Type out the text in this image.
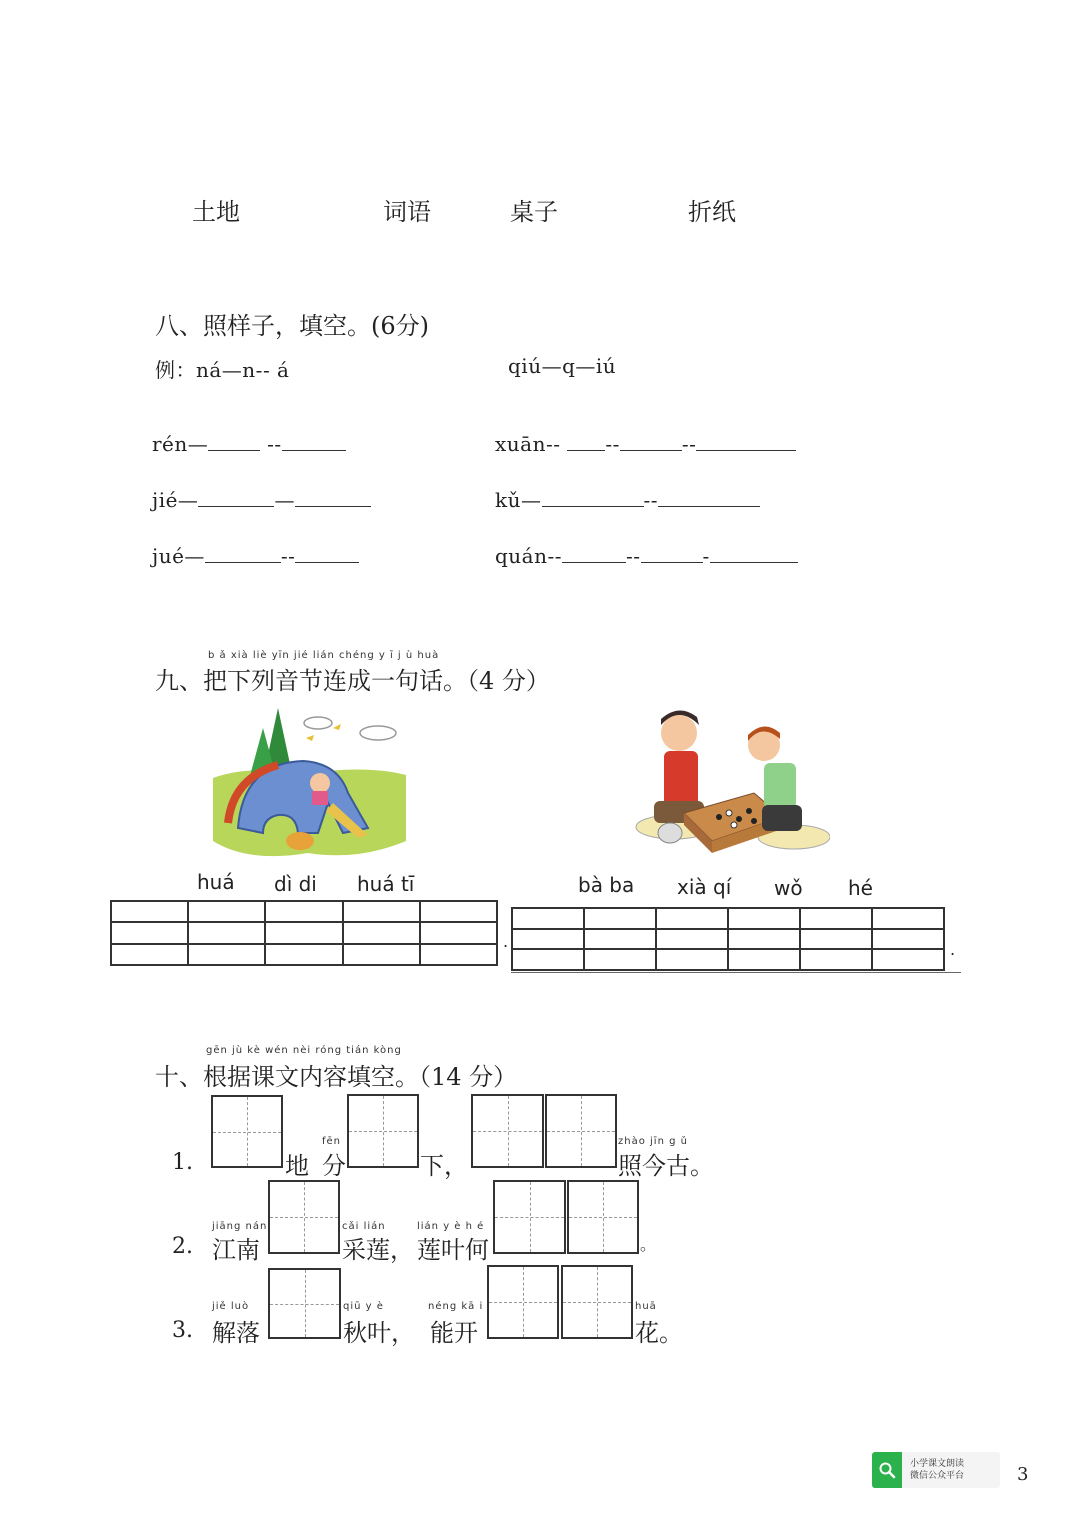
土地	词语	桌子	折纸
八、照样子，填空。(6分)
例：ná—n-- á	qiú—q—iú
rén—	--	xuān-- --	--
jié—	—	kǔ—	--
jué—	--	quán--	--	-
b ǎ xià liè yīn jié lián chéng y ī j ù huà
九、把下列音节连成一句话。（4 分）
huá dì di huá tī	bà ba xià qí wǒ hé

.

						.
gēn jù kè wén nèi róng tián kòng
十、根据课文内容填空。（14 分）
1.	地
fēn
分	下，
zhào jīn g ǔ
照今古。
2.
jiāng nán
江南
cǎi lián
采莲，
lián y è h é
莲叶何	。
3.
jiě luò
解落
qiū y è
秋叶，
néng kā i
能开
huā
花。
小学课文朗读
微信公众平台	3
